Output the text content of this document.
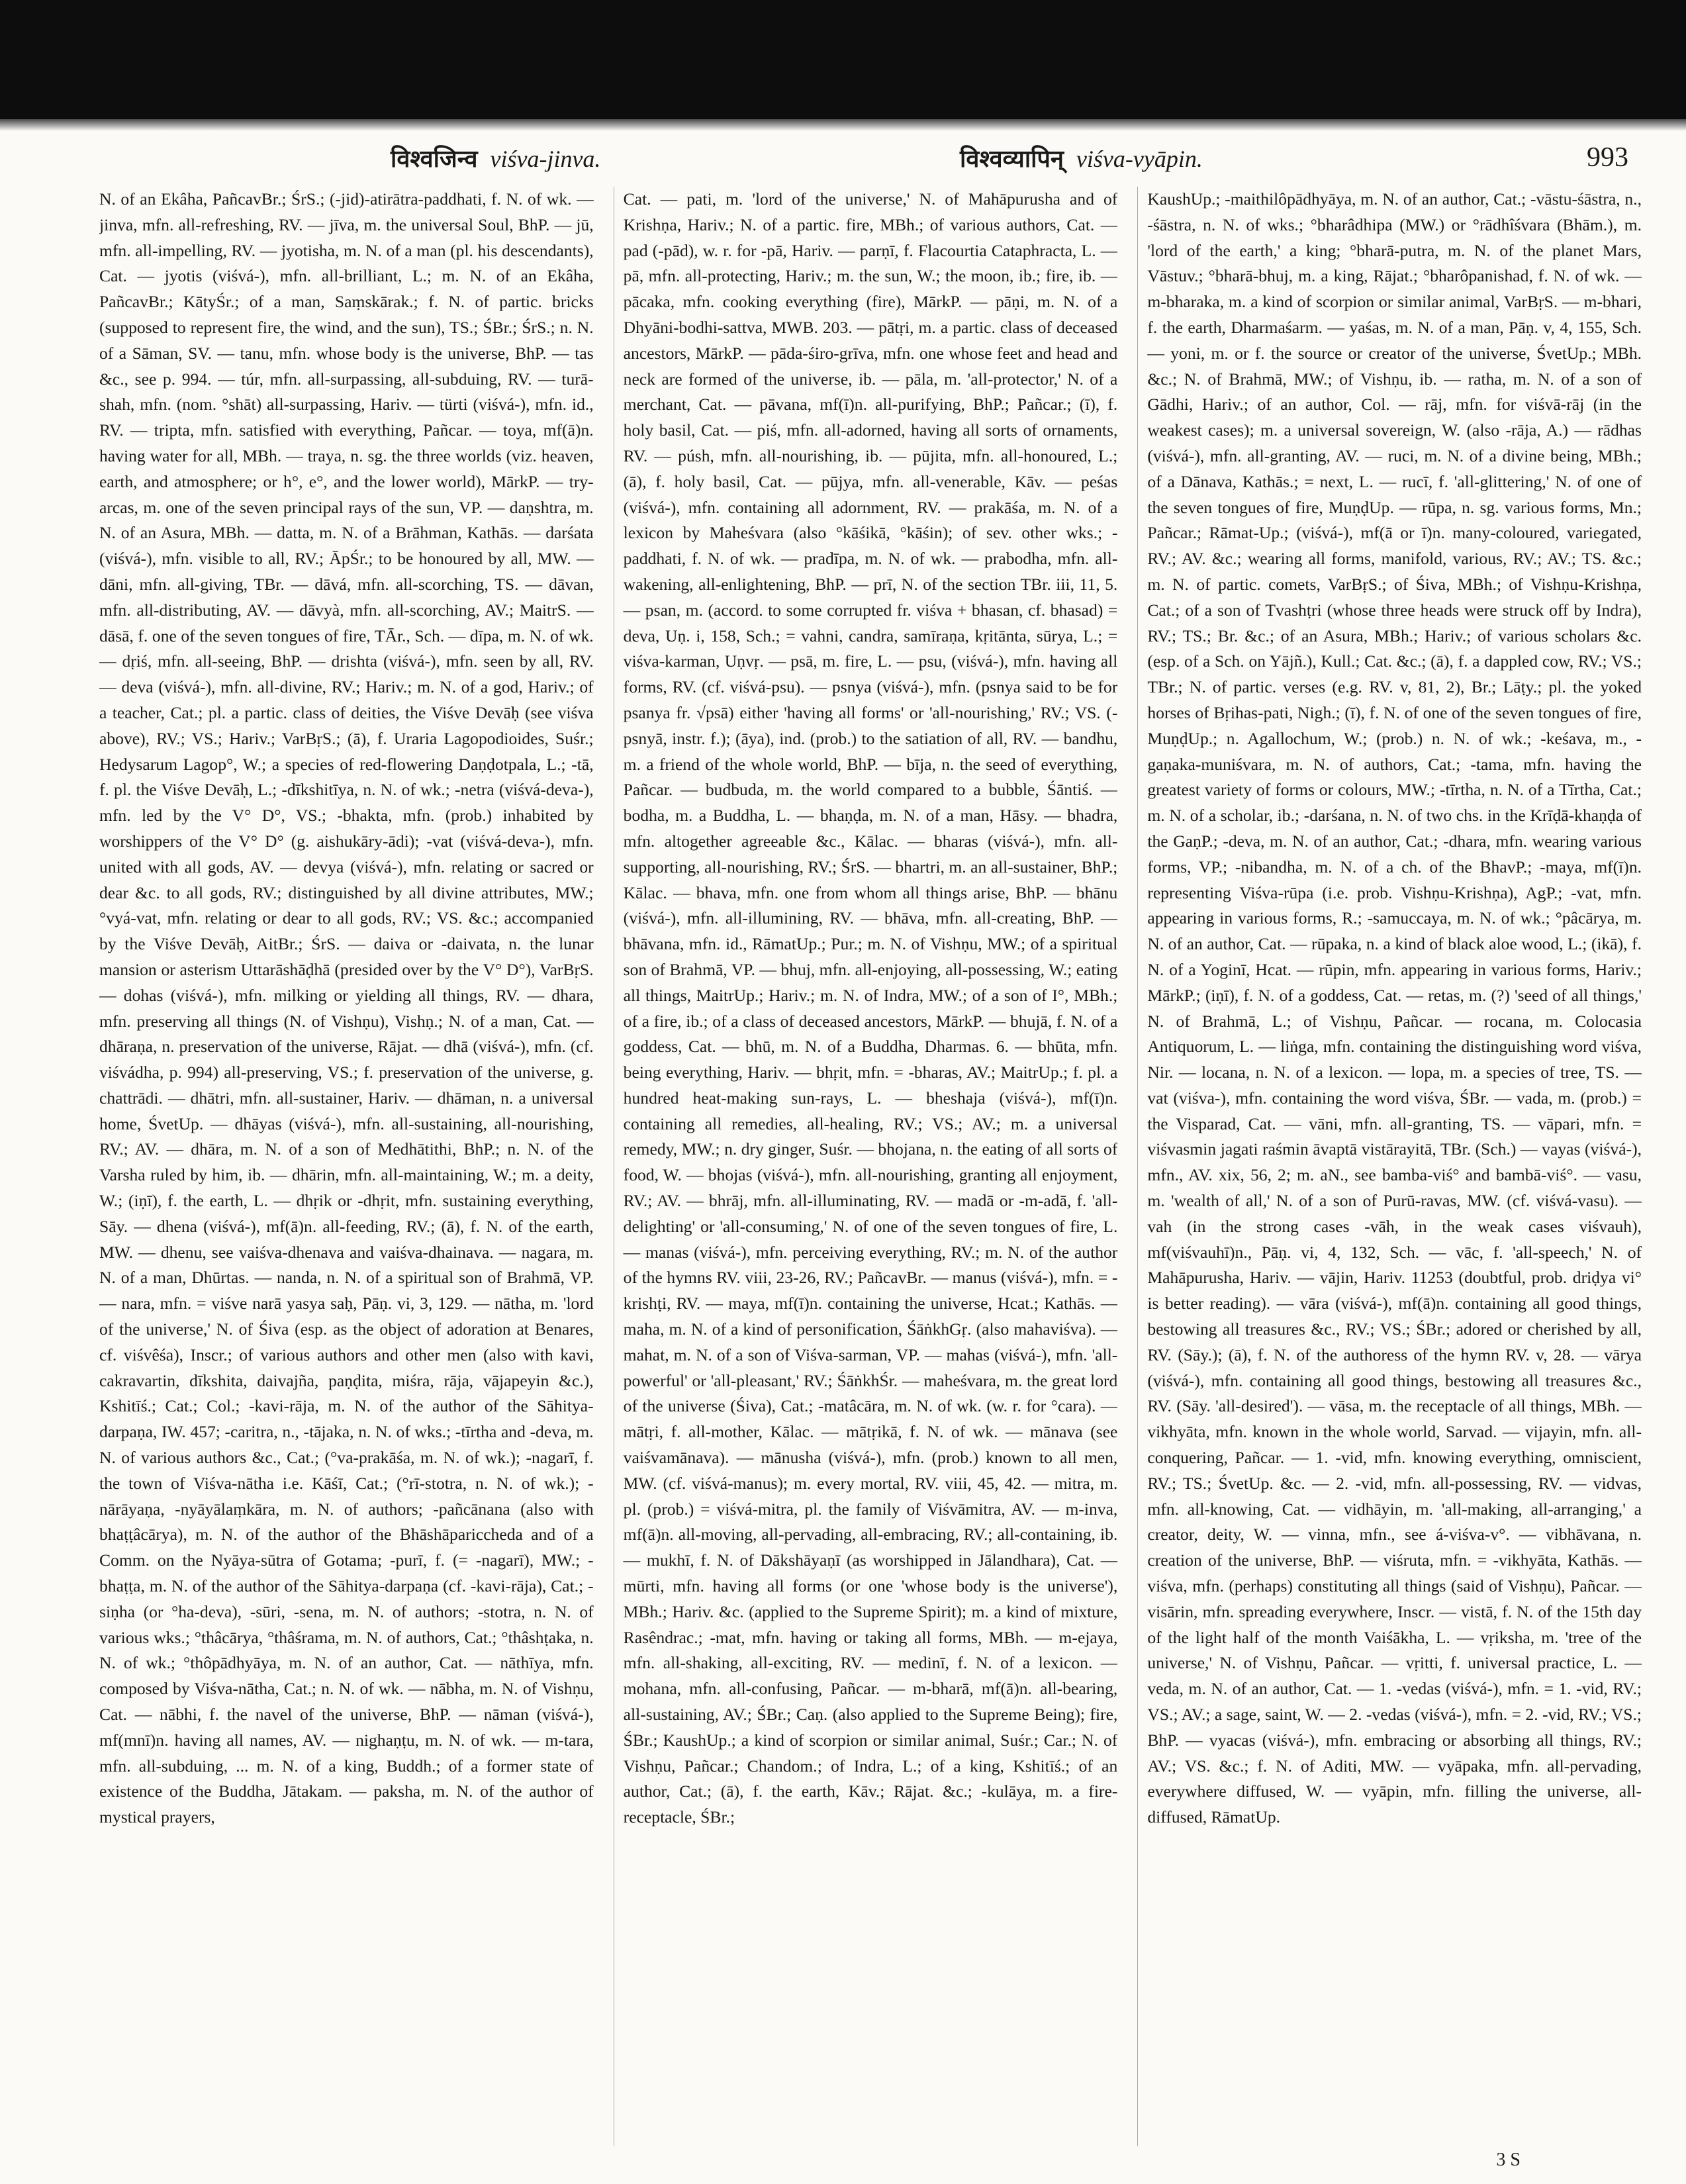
विश्वजिन्व viśva-jinva.	विश्वव्यापिन् viśva-vyāpin.	993

N. of an Ekâha, PañcavBr.; ŚrS.; (-jid)-atirātra-paddhati, f. N. of wk. — jinva, mfn. all-refreshing, RV. — jīva, m. the universal Soul, BhP. — jū, mfn. all-impelling, RV. — jyotisha, m. N. of a man (pl. his descendants), Cat. — jyotis (viśvá-), mfn. all-brilliant, L.; m. N. of an Ekâha, PañcavBr.; KātyŚr.; of a man, Saṃskārak.; f. N. of partic. bricks (supposed to represent fire, the wind, and the sun), TS.; ŚBr.; ŚrS.; n. N. of a Sāman, SV. — tanu, mfn. whose body is the universe, BhP. — tas &c., see p. 994. — túr, mfn. all-surpassing, all-subduing, RV. — turā-shah, mfn. (nom. °shāt) all-surpassing, Hariv. — türti (viśvá-), mfn. id., RV. — tripta, mfn. satisfied with everything, Pañcar. — toya, mf(ā)n. having water for all, MBh. — traya, n. sg. the three worlds (viz. heaven, earth, and atmosphere; or h°, e°, and the lower world), MārkP. — try-arcas, m. one of the seven principal rays of the sun, VP. — daṇshtra, m. N. of an Asura, MBh. — datta, m. N. of a Brāhman, Kathās. — darśata (viśvá-), mfn. visible to all, RV.; ĀpŚr.; to be honoured by all, MW. — dāni, mfn. all-giving, TBr. — dāvá, mfn. all-scorching, TS. — dāvan, mfn. all-distributing, AV. — dāvyà, mfn. all-scorching, AV.; MaitrS. — dāsā, f. one of the seven tongues of fire, TĀr., Sch. — dīpa, m. N. of wk. — dṛiś, mfn. all-seeing, BhP. — drishta (viśvá-), mfn. seen by all, RV. — deva (viśvá-), mfn. all-divine, RV.; Hariv.; m. N. of a god, Hariv.; of a teacher, Cat.; pl. a partic. class of deities, the Viśve Devāḥ (see viśva above), RV.; VS.; Hariv.; VarBṛS.; (ā), f. Uraria Lagopodioides, Suśr.; Hedysarum Lagop°, W.; a species of red-flowering Daṇḍotpala, L.; -tā, f. pl. the Viśve Devāḥ, L.; -dīkshitīya, n. N. of wk.; -netra (viśvá-deva-), mfn. led by the V° D°, VS.; -bhakta, mfn. (prob.) inhabited by worshippers of the V° D° (g. aishukāry-ādi); -vat (viśvá-deva-), mfn. united with all gods, AV. — devya (viśvá-), mfn. relating or sacred or dear &c. to all gods, RV.; distinguished by all divine attributes, MW.; °vyá-vat, mfn. relating or dear to all gods, RV.; VS. &c.; accompanied by the Viśve Devāḥ, AitBr.; ŚrS. — daiva or -daivata, n. the lunar mansion or asterism Uttarāshāḍhā (presided over by the V° D°), VarBṛS. — dohas (viśvá-), mfn. milking or yielding all things, RV. — dhara, mfn. preserving all things (N. of Vishṇu), Vishṇ.; N. of a man, Cat. — dhāraṇa, n. preservation of the universe, Rājat. — dhā (viśvá-), mfn. (cf. viśvádha, p. 994) all-preserving, VS.; f. preservation of the universe, g. chattrādi. — dhātri, mfn. all-sustainer, Hariv. — dhāman, n. a universal home, ŚvetUp. — dhāyas (viśvá-), mfn. all-sustaining, all-nourishing, RV.; AV. — dhāra, m. N. of a son of Medhātithi, BhP.; n. N. of the Varsha ruled by him, ib. — dhārin, mfn. all-maintaining, W.; m. a deity, W.; (iṇī), f. the earth, L. — dhṛik or -dhṛit, mfn. sustaining everything, Sāy. — dhena (viśvá-), mf(ā)n. all-feeding, RV.; (ā), f. N. of the earth, MW. — dhenu, see vaiśva-dhenava and vaiśva-dhainava. — nagara, m. N. of a man, Dhūrtas. — nanda, n. N. of a spiritual son of Brahmā, VP. — nara, mfn. = viśve narā yasya saḥ, Pāṇ. vi, 3, 129. — nātha, m. 'lord of the universe,' N. of Śiva (esp. as the object of adoration at Benares, cf. viśvêśa), Inscr.; of various authors and other men (also with kavi, cakravartin, dīkshita, daivajña, paṇḍita, miśra, rāja, vājapeyin &c.), Kshitīś.; Cat.; Col.; -kavi-rāja, m. N. of the author of the Sāhitya-darpaṇa, IW. 457; -caritra, n., -tājaka, n. N. of wks.; -tīrtha and -deva, m. N. of various authors &c., Cat.; (°va-prakāśa, m. N. of wk.); -nagarī, f. the town of Viśva-nātha i.e. Kāśī, Cat.; (°rī-stotra, n. N. of wk.); -nārāyaṇa, -nyāyālaṃkāra, m. N. of authors; -pañcānana (also with bhaṭṭâcārya), m. N. of the author of the Bhāshāpariccheda and of a Comm. on the Nyāya-sūtra of Gotama; -purī, f. (= -nagarī), MW.; -bhaṭṭa, m. N. of the author of the Sāhitya-darpaṇa (cf. -kavi-rāja), Cat.; -siṇha (or °ha-deva), -sūri, -sena, m. N. of authors; -stotra, n. N. of various wks.; °thâcārya, °thâśrama, m. N. of authors, Cat.; °thâshṭaka, n. N. of wk.; °thôpādhyāya, m. N. of an author, Cat. — nāthīya, mfn. composed by Viśva-nātha, Cat.; n. N. of wk. — nābha, m. N. of Vishṇu, Cat. — nābhi, f. the navel of the universe, BhP. — nāman (viśvá-), mf(mnī)n. having all names, AV. — nighaṇṭu, m. N. of wk. — m-tara, mfn. all-subduing, ... m. N. of a king, Buddh.; of a former state of existence of the Buddha, Jātakam. — paksha, m. N. of the author of mystical prayers,

Cat. — pati, m. 'lord of the universe,' N. of Mahāpurusha and of Krishṇa, Hariv.; N. of a partic. fire, MBh.; of various authors, Cat. — pad (-pād), w. r. for -pā, Hariv. — parṇī, f. Flacourtia Cataphracta, L. — pā, mfn. all-protecting, Hariv.; m. the sun, W.; the moon, ib.; fire, ib. — pācaka, mfn. cooking everything (fire), MārkP. — pāṇi, m. N. of a Dhyāni-bodhi-sattva, MWB. 203. — pātṛi, m. a partic. class of deceased ancestors, MārkP. — pāda-śiro-grīva, mfn. one whose feet and head and neck are formed of the universe, ib. — pāla, m. 'all-protector,' N. of a merchant, Cat. — pāvana, mf(ī)n. all-purifying, BhP.; Pañcar.; (ī), f. holy basil, Cat. — piś, mfn. all-adorned, having all sorts of ornaments, RV. — púsh, mfn. all-nourishing, ib. — pūjita, mfn. all-honoured, L.; (ā), f. holy basil, Cat. — pūjya, mfn. all-venerable, Kāv. — peśas (viśvá-), mfn. containing all adornment, RV. — prakāśa, m. N. of a lexicon by Maheśvara (also °kāśikā, °kāśin); of sev. other wks.; -paddhati, f. N. of wk. — pradīpa, m. N. of wk. — prabodha, mfn. all-wakening, all-enlightening, BhP. — prī, N. of the section TBr. iii, 11, 5. — psan, m. (accord. to some corrupted fr. viśva + bhasan, cf. bhasad) = deva, Uṇ. i, 158, Sch.; = vahni, candra, samīraṇa, kṛitānta, sūrya, L.; = viśva-karman, Uṇvṛ. — psā, m. fire, L. — psu, (viśvá-), mfn. having all forms, RV. (cf. viśvá-psu). — psnya (viśvá-), mfn. (psnya said to be for psanya fr. √psā) either 'having all forms' or 'all-nourishing,' RV.; VS. (-psnyā, instr. f.); (āya), ind. (prob.) to the satiation of all, RV. — bandhu, m. a friend of the whole world, BhP. — bīja, n. the seed of everything, Pañcar. — budbuda, m. the world compared to a bubble, Śāntiś. — bodha, m. a Buddha, L. — bhaṇḍa, m. N. of a man, Hāsy. — bhadra, mfn. altogether agreeable &c., Kālac. — bharas (viśvá-), mfn. all-supporting, all-nourishing, RV.; ŚrS. — bhartri, m. an all-sustainer, BhP.; Kālac. — bhava, mfn. one from whom all things arise, BhP. — bhānu (viśvá-), mfn. all-illumining, RV. — bhāva, mfn. all-creating, BhP. — bhāvana, mfn. id., RāmatUp.; Pur.; m. N. of Vishṇu, MW.; of a spiritual son of Brahmā, VP. — bhuj, mfn. all-enjoying, all-possessing, W.; eating all things, MaitrUp.; Hariv.; m. N. of Indra, MW.; of a son of I°, MBh.; of a fire, ib.; of a class of deceased ancestors, MārkP. — bhujā, f. N. of a goddess, Cat. — bhū, m. N. of a Buddha, Dharmas. 6. — bhūta, mfn. being everything, Hariv. — bhṛit, mfn. = -bharas, AV.; MaitrUp.; f. pl. a hundred heat-making sun-rays, L. — bheshaja (viśvá-), mf(ī)n. containing all remedies, all-healing, RV.; VS.; AV.; m. a universal remedy, MW.; n. dry ginger, Suśr. — bhojana, n. the eating of all sorts of food, W. — bhojas (viśvá-), mfn. all-nourishing, granting all enjoyment, RV.; AV. — bhrāj, mfn. all-illuminating, RV. — madā or -m-adā, f. 'all-delighting' or 'all-consuming,' N. of one of the seven tongues of fire, L. — manas (viśvá-), mfn. perceiving everything, RV.; m. N. of the author of the hymns RV. viii, 23-26, RV.; PañcavBr. — manus (viśvá-), mfn. = -krishṭi, RV. — maya, mf(ī)n. containing the universe, Hcat.; Kathās. — maha, m. N. of a kind of personification, ŚāṅkhGṛ. (also mahaviśva). — mahat, m. N. of a son of Viśva-sarman, VP. — mahas (viśvá-), mfn. 'all-powerful' or 'all-pleasant,' RV.; ŚāṅkhŚr. — maheśvara, m. the great lord of the universe (Śiva), Cat.; -matâcāra, m. N. of wk. (w. r. for °cara). — mātṛi, f. all-mother, Kālac. — mātṛikā, f. N. of wk. — mānava (see vaiśvamānava). — mānusha (viśvá-), mfn. (prob.) known to all men, MW. (cf. viśvá-manus); m. every mortal, RV. viii, 45, 42. — mitra, m. pl. (prob.) = viśvá-mitra, pl. the family of Viśvāmitra, AV. — m-inva, mf(ā)n. all-moving, all-pervading, all-embracing, RV.; all-containing, ib. — mukhī, f. N. of Dākshāyaṇī (as worshipped in Jālandhara), Cat. — mūrti, mfn. having all forms (or one 'whose body is the universe'), MBh.; Hariv. &c. (applied to the Supreme Spirit); m. a kind of mixture, Rasêndrac.; -mat, mfn. having or taking all forms, MBh. — m-ejaya, mfn. all-shaking, all-exciting, RV. — medinī, f. N. of a lexicon. — mohana, mfn. all-confusing, Pañcar. — m-bharā, mf(ā)n. all-bearing, all-sustaining, AV.; ŚBr.; Caṇ. (also applied to the Supreme Being); fire, ŚBr.; KaushUp.; a kind of scorpion or similar animal, Suśr.; Car.; N. of Vishṇu, Pañcar.; Chandom.; of Indra, L.; of a king, Kshitīś.; of an author, Cat.; (ā), f. the earth, Kāv.; Rājat. &c.; -kulāya, m. a fire-receptacle, ŚBr.;

KaushUp.; -maithilôpādhyāya, m. N. of an author, Cat.; -vāstu-śāstra, n., -śāstra, n. N. of wks.; °bharâdhipa (MW.) or °rādhîśvara (Bhām.), m. 'lord of the earth,' a king; °bharā-putra, m. N. of the planet Mars, Vāstuv.; °bharā-bhuj, m. a king, Rājat.; °bharôpanishad, f. N. of wk. — m-bharaka, m. a kind of scorpion or similar animal, VarBṛS. — m-bhari, f. the earth, Dharmaśarm. — yaśas, m. N. of a man, Pāṇ. v, 4, 155, Sch. — yoni, m. or f. the source or creator of the universe, ŚvetUp.; MBh. &c.; N. of Brahmā, MW.; of Vishṇu, ib. — ratha, m. N. of a son of Gādhi, Hariv.; of an author, Col. — rāj, mfn. for viśvā-rāj (in the weakest cases); m. a universal sovereign, W. (also -rāja, A.) — rādhas (viśvá-), mfn. all-granting, AV. — ruci, m. N. of a divine being, MBh.; of a Dānava, Kathās.; = next, L. — rucī, f. 'all-glittering,' N. of one of the seven tongues of fire, MuṇḍUp. — rūpa, n. sg. various forms, Mn.; Pañcar.; Rāmat-Up.; (viśvá-), mf(ā or ī)n. many-coloured, variegated, RV.; AV. &c.; wearing all forms, manifold, various, RV.; AV.; TS. &c.; m. N. of partic. comets, VarBṛS.; of Śiva, MBh.; of Vishṇu-Krishṇa, Cat.; of a son of Tvashṭri (whose three heads were struck off by Indra), RV.; TS.; Br. &c.; of an Asura, MBh.; Hariv.; of various scholars &c. (esp. of a Sch. on Yājñ.), Kull.; Cat. &c.; (ā), f. a dappled cow, RV.; VS.; TBr.; N. of partic. verses (e.g. RV. v, 81, 2), Br.; Lāṭy.; pl. the yoked horses of Bṛihas-pati, Nigh.; (ī), f. N. of one of the seven tongues of fire, MuṇḍUp.; n. Agallochum, W.; (prob.) n. N. of wk.; -keśava, m., -gaṇaka-muniśvara, m. N. of authors, Cat.; -tama, mfn. having the greatest variety of forms or colours, MW.; -tīrtha, n. N. of a Tīrtha, Cat.; m. N. of a scholar, ib.; -darśana, n. N. of two chs. in the Krīḍā-khaṇḍa of the GaṇP.; -deva, m. N. of an author, Cat.; -dhara, mfn. wearing various forms, VP.; -nibandha, m. N. of a ch. of the BhavP.; -maya, mf(ī)n. representing Viśva-rūpa (i.e. prob. Vishṇu-Krishṇa), AgP.; -vat, mfn. appearing in various forms, R.; -samuccaya, m. N. of wk.; °pâcārya, m. N. of an author, Cat. — rūpaka, n. a kind of black aloe wood, L.; (ikā), f. N. of a Yoginī, Hcat. — rūpin, mfn. appearing in various forms, Hariv.; MārkP.; (iṇī), f. N. of a goddess, Cat. — retas, m. (?) 'seed of all things,' N. of Brahmā, L.; of Vishṇu, Pañcar. — rocana, m. Colocasia Antiquorum, L. — liṅga, mfn. containing the distinguishing word viśva, Nir. — locana, n. N. of a lexicon. — lopa, m. a species of tree, TS. — vat (viśva-), mfn. containing the word viśva, ŚBr. — vada, m. (prob.) = the Visparad, Cat. — vāni, mfn. all-granting, TS. — vāpari, mfn. = viśvasmin jagati raśmin āvaptā vistārayitā, TBr. (Sch.) — vayas (viśvá-), mfn., AV. xix, 56, 2; m. aN., see bamba-viś° and bambā-viś°. — vasu, m. 'wealth of all,' N. of a son of Purū-ravas, MW. (cf. viśvá-vasu). — vah (in the strong cases -vāh, in the weak cases viśvauh), mf(viśvauhī)n., Pāṇ. vi, 4, 132, Sch. — vāc, f. 'all-speech,' N. of Mahāpurusha, Hariv. — vājin, Hariv. 11253 (doubtful, prob. driḍya vi° is better reading). — vāra (viśvá-), mf(ā)n. containing all good things, bestowing all treasures &c., RV.; VS.; ŚBr.; adored or cherished by all, RV. (Sāy.); (ā), f. N. of the authoress of the hymn RV. v, 28. — vārya (viśvá-), mfn. containing all good things, bestowing all treasures &c., RV. (Sāy. 'all-desired'). — vāsa, m. the receptacle of all things, MBh. — vikhyāta, mfn. known in the whole world, Sarvad. — vijayin, mfn. all-conquering, Pañcar. — 1. -vid, mfn. knowing everything, omniscient, RV.; TS.; ŚvetUp. &c. — 2. -vid, mfn. all-possessing, RV. — vidvas, mfn. all-knowing, Cat. — vidhāyin, m. 'all-making, all-arranging,' a creator, deity, W. — vinna, mfn., see á-viśva-v°. — vibhāvana, n. creation of the universe, BhP. — viśruta, mfn. = -vikhyāta, Kathās. — viśva, mfn. (perhaps) constituting all things (said of Vishṇu), Pañcar. — visārin, mfn. spreading everywhere, Inscr. — vistā, f. N. of the 15th day of the light half of the month Vaiśākha, L. — vṛiksha, m. 'tree of the universe,' N. of Vishṇu, Pañcar. — vṛitti, f. universal practice, L. — veda, m. N. of an author, Cat. — 1. -vedas (viśvá-), mfn. = 1. -vid, RV.; VS.; AV.; a sage, saint, W. — 2. -vedas (viśvá-), mfn. = 2. -vid, RV.; VS.; BhP. — vyacas (viśvá-), mfn. embracing or absorbing all things, RV.; AV.; VS. &c.; f. N. of Aditi, MW. — vyāpaka, mfn. all-pervading, everywhere diffused, W. — vyāpin, mfn. filling the universe, all-diffused, RāmatUp.

3 S
